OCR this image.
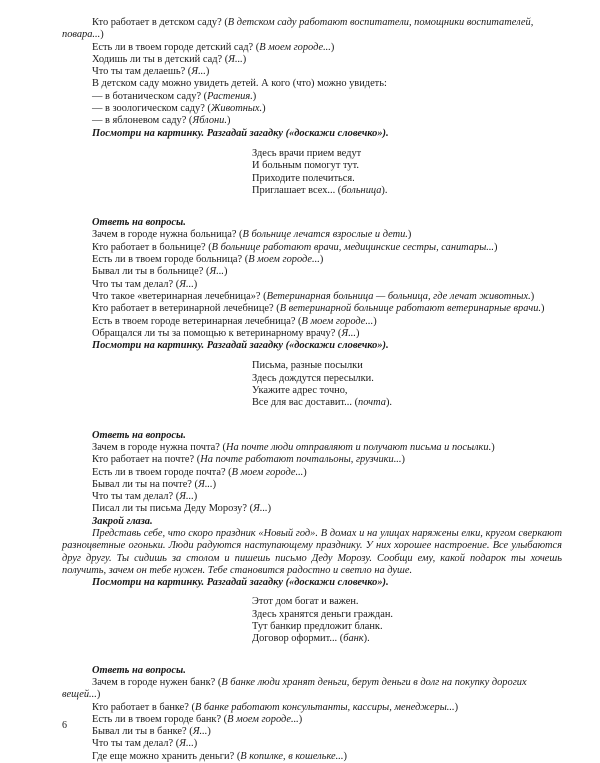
Кто работает в детском саду? (В детском саду работают воспитатели, помощники воспитателей,
повара...)
Есть ли в твоем городе детский сад? (В моем городе...)
Ходишь ли ты в детский сад? (Я...)
Что ты там делаешь? (Я...)
В детском саду можно увидеть детей. А кого (что) можно увидеть:
— в ботаническом саду? (Растения.)
— в зоологическом саду? (Животных.)
— в яблоневом саду? (Яблони.)
Посмотри на картинку. Разгадай загадку («доскажи словечко»).
Здесь врачи прием ведут
И больным помогут тут.
Приходите полечиться.
Приглашает всех... (больница).
Ответь на вопросы.
Зачем в городе нужна больница? (В больнице лечатся взрослые и дети.)
Кто работает в больнице? (В больнице работают врачи, медицинские сестры, санитары...)
Есть ли в твоем городе больница? (В моем городе...)
Бывал ли ты в больнице? (Я...)
Что ты там делал? (Я...)
Что такое «ветеринарная лечебница»? (Ветеринарная больница — больница, где лечат животных.)
Кто работает в ветеринарной лечебнице? (В ветеринарной больнице работают ветеринарные врачи.)
Есть в твоем городе ветеринарная лечебница? (В моем городе...)
Обращался ли ты за помощью к ветеринарному врачу? (Я...)
Посмотри на картинку. Разгадай загадку («доскажи словечко»).
Письма, разные посылки
Здесь дождутся пересылки.
Укажите адрес точно,
Все для вас доставит... (почта).
Ответь на вопросы.
Зачем в городе нужна почта? (На почте люди отправляют и получают письма и посылки.)
Кто работает на почте? (На почте работают почтальоны, грузчики...)
Есть ли в твоем городе почта? (В моем городе...)
Бывал ли ты на почте? (Я...)
Что ты там делал? (Я...)
Писал ли ты письма Деду Морозу? (Я...)
Закрой глаза.
Представь себе, что скоро праздник «Новый год». В домах и на улицах наряжены елки, кругом сверкают разноцветные огоньки. Люди радуются наступающему празднику. У них хорошее настроение. Все улыбаются друг другу. Ты сидишь за столом и пишешь письмо Деду Морозу. Сообщи ему, какой подарок ты хочешь получить, зачем он тебе нужен. Тебе становится радостно и светло на душе.
Посмотри на картинку. Разгадай загадку («доскажи словечко»).
Этот дом богат и важен.
Здесь хранятся деньги граждан.
Тут банкир предложит бланк.
Договор оформит... (банк).
Ответь на вопросы.
Зачем в городе нужен банк? (В банке люди хранят деньги, берут деньги в долг на покупку дорогих
вещей...)
Кто работает в банке? (В банке работают консультанты, кассиры, менеджеры...)
Есть ли в твоем городе банк? (В моем городе...)
Бывал ли ты в банке? (Я...)
Что ты там делал? (Я...)
Где еще можно хранить деньги? (В копилке, в кошельке...)
6
